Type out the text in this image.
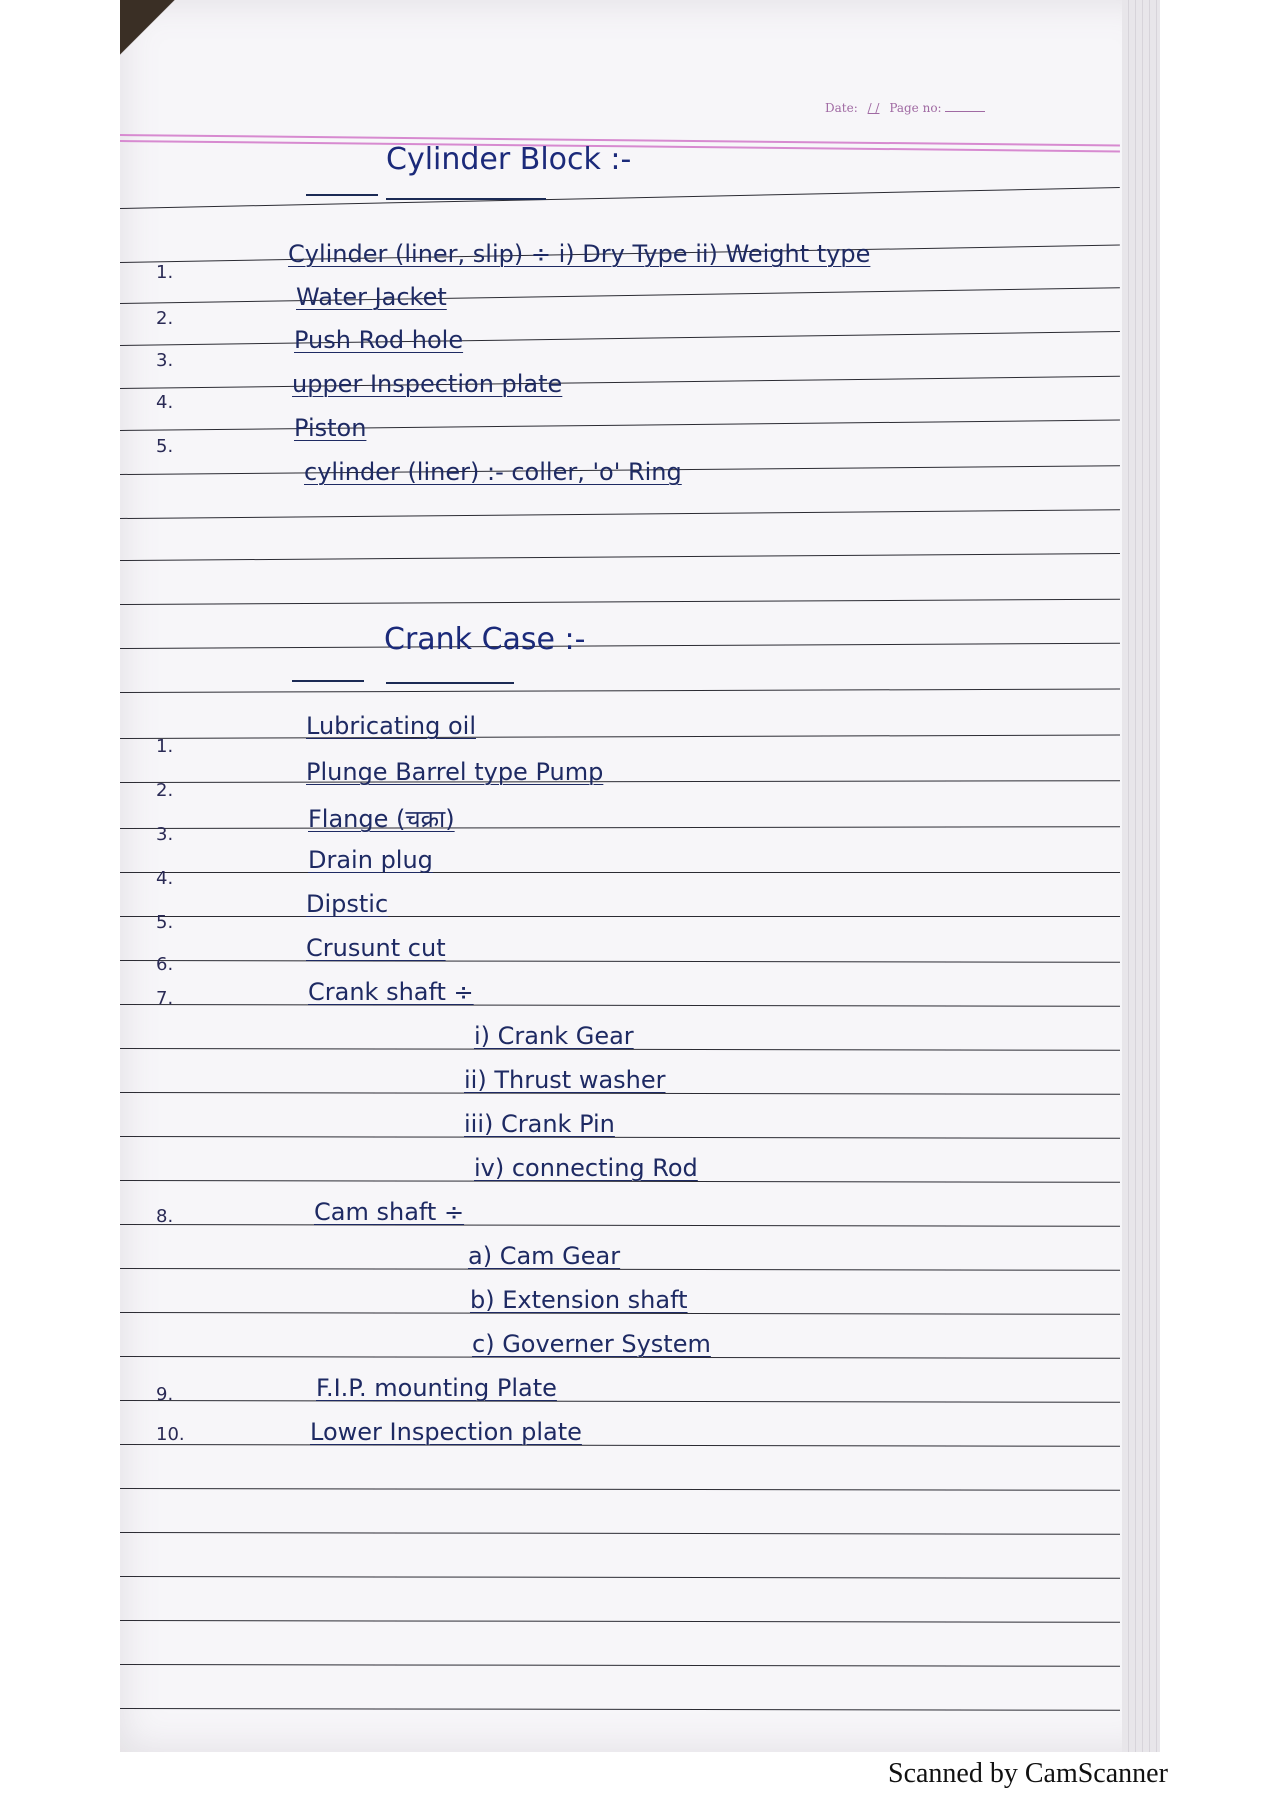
Date: / / Page no:
Cylinder Block :-
1.
Cylinder (liner, slip) ÷ i) Dry Type ii) Weight type
2.
Water Jacket
3.
Push Rod hole
4.
upper Inspection plate
5.
Piston
cylinder (liner) :- coller, 'o' Ring
Crank Case :-
1.
Lubricating oil
2.
Plunge Barrel type Pump
3.
Flange (चक्रा)
4.
Drain plug
5.
Dipstic
6.
Crusunt cut
7.	Crank shaft ÷
i) Crank Gear
ii) Thrust washer
iii) Crank Pin
iv) connecting Rod
8.	Cam shaft ÷
a) Cam Gear
b) Extension shaft
c) Governer System
9.	F.I.P. mounting Plate
10.	Lower Inspection plate
Scanned by CamScanner
